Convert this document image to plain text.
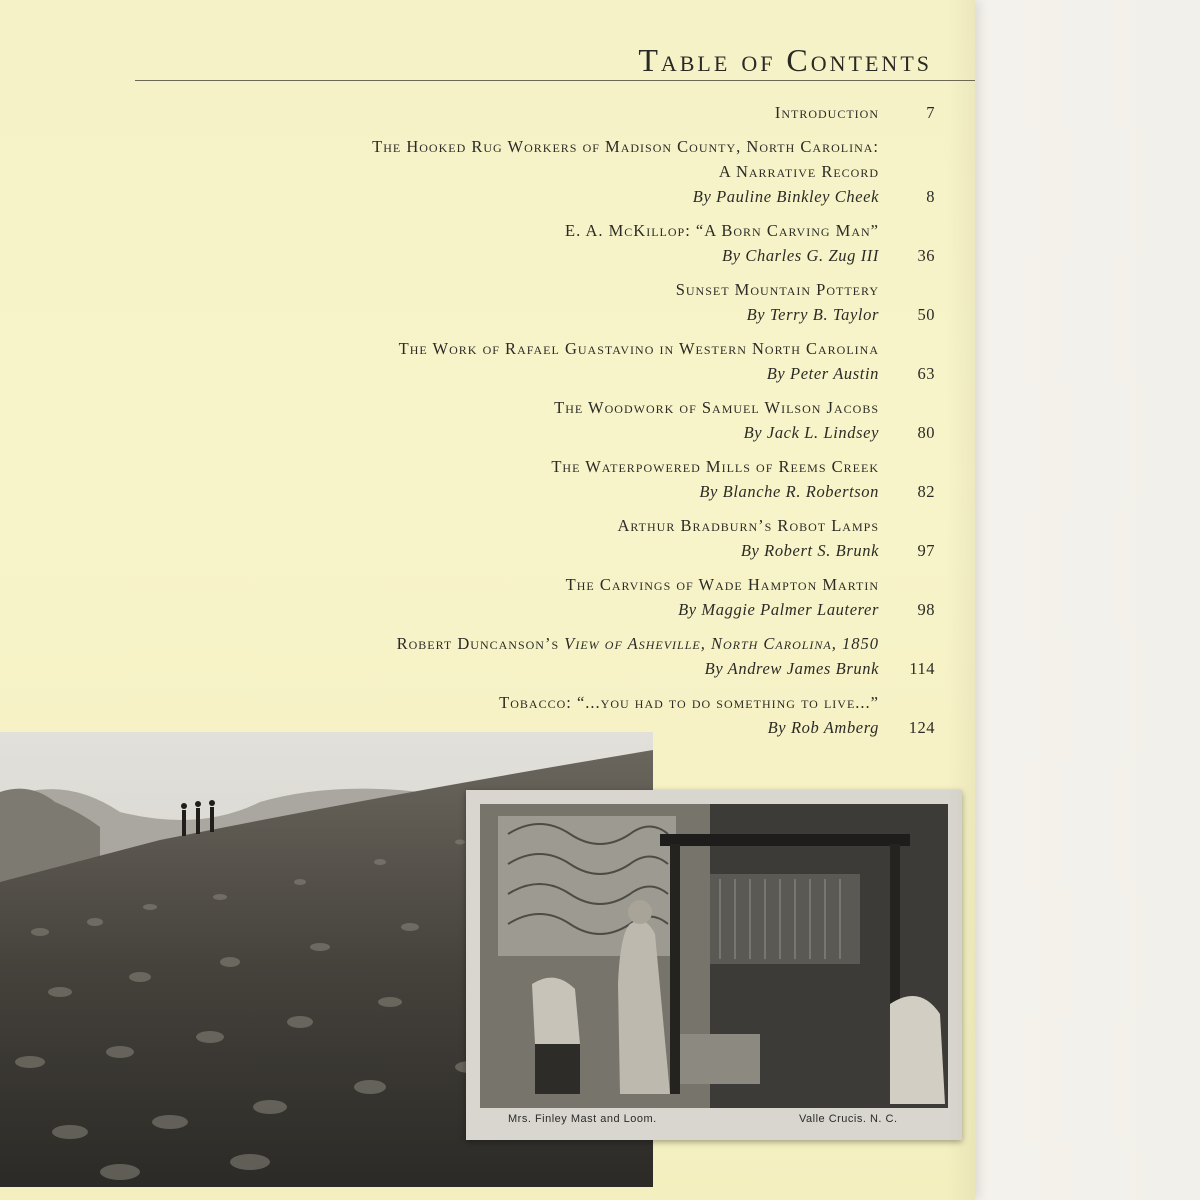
Table of Contents
Introduction	7
The Hooked Rug Workers of Madison County, North Carolina:
A Narrative Record
By Pauline Binkley Cheek	8
E. A. McKillop: “A Born Carving Man”
By Charles G. Zug III	36
Sunset Mountain Pottery
By Terry B. Taylor	50
The Work of Rafael Guastavino in Western North Carolina
By Peter Austin	63
The Woodwork of Samuel Wilson Jacobs
By Jack L. Lindsey	80
The Waterpowered Mills of Reems Creek
By Blanche R. Robertson	82
Arthur Bradburn’s Robot Lamps
By Robert S. Brunk	97
The Carvings of Wade Hampton Martin
By Maggie Palmer Lauterer	98
Robert Duncanson’s View of Asheville, North Carolina, 1850
By Andrew James Brunk	114
Tobacco: “...you had to do something to live...”
By Rob Amberg	124
Mrs. Finley Mast and Loom.	Valle Crucis. N. C.
